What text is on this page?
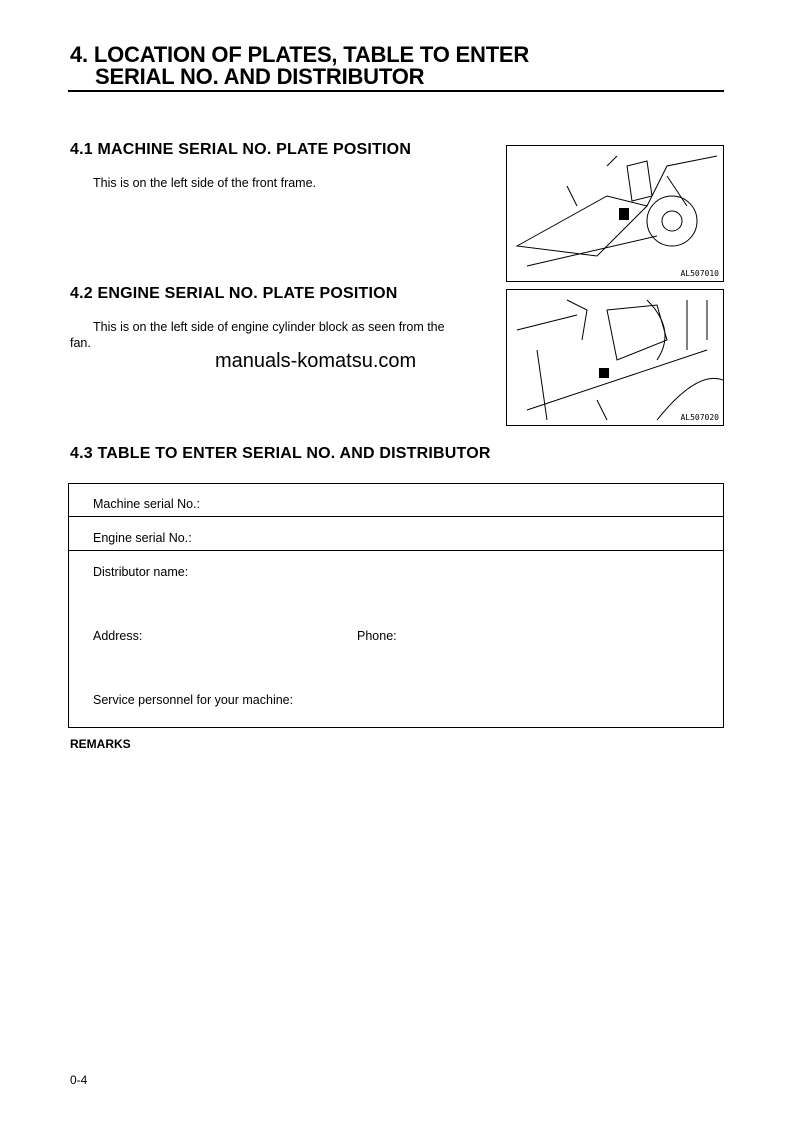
4. LOCATION OF PLATES, TABLE TO ENTER
SERIAL NO. AND DISTRIBUTOR
4.1 MACHINE SERIAL NO. PLATE POSITION
This is on the left side of the front frame.
AL507010
4.2 ENGINE SERIAL NO. PLATE POSITION
This is on the left side of engine cylinder block as seen from the
fan.
AL507020
manuals-komatsu.com
4.3 TABLE TO ENTER SERIAL NO. AND DISTRIBUTOR
Machine serial No.:
Engine serial No.:

Distributor name:
Address:	Phone:
Service personnel for your machine:
REMARKS
0-4
